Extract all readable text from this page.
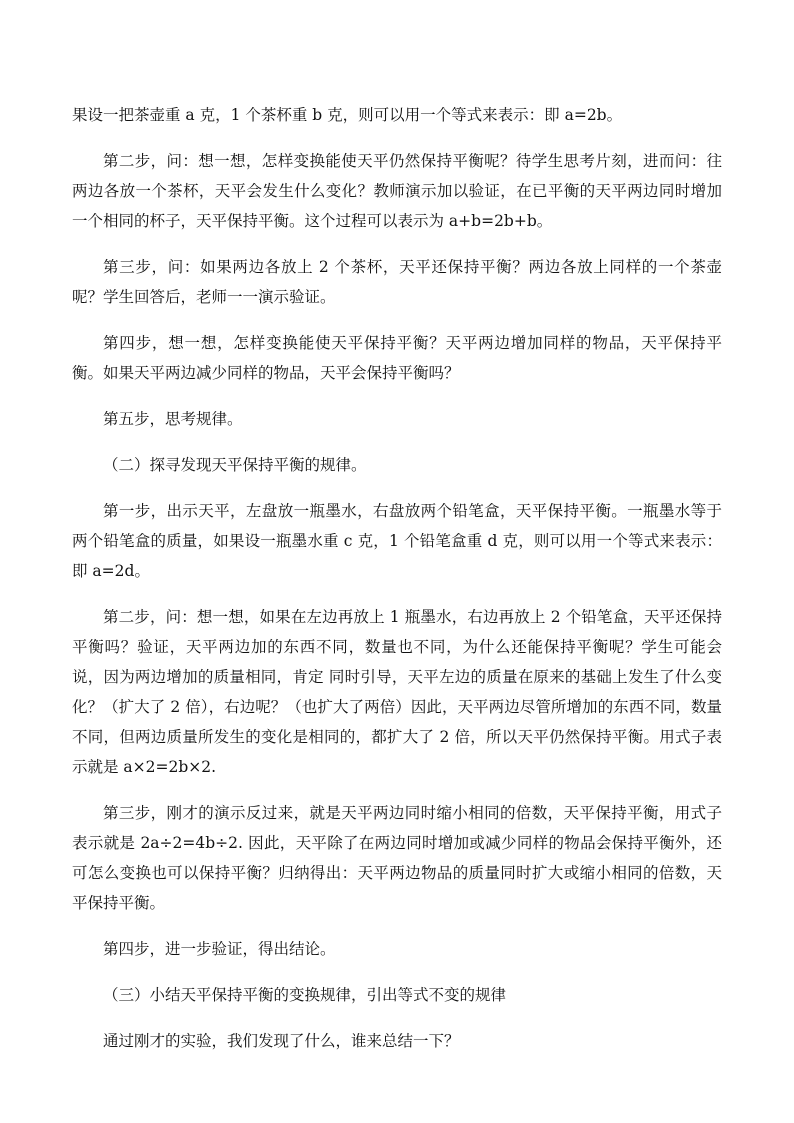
果设一把茶壶重 a 克，1 个茶杯重 b 克，则可以用一个等式来表示：即 a=2b。

第二步，问：想一想，怎样变换能使天平仍然保持平衡呢？待学生思考片刻，进而问：往两边各放一个茶杯，天平会发生什么变化？教师演示加以验证，在已平衡的天平两边同时增加一个相同的杯子，天平保持平衡。这个过程可以表示为 a+b=2b+b。

第三步，问：如果两边各放上 2 个茶杯，天平还保持平衡？两边各放上同样的一个茶壶呢？学生回答后，老师一一演示验证。

第四步，想一想，怎样变换能使天平保持平衡？天平两边增加同样的物品，天平保持平衡。如果天平两边减少同样的物品，天平会保持平衡吗？

第五步，思考规律。

（二）探寻发现天平保持平衡的规律。

第一步，出示天平，左盘放一瓶墨水，右盘放两个铅笔盒，天平保持平衡。一瓶墨水等于两个铅笔盒的质量，如果设一瓶墨水重 c 克，1 个铅笔盒重 d 克，则可以用一个等式来表示：即 a=2d。

第二步，问：想一想，如果在左边再放上 1 瓶墨水，右边再放上 2 个铅笔盒，天平还保持平衡吗？验证，天平两边加的东西不同，数量也不同，为什么还能保持平衡呢？学生可能会说，因为两边增加的质量相同，肯定 同时引导，天平左边的质量在原来的基础上发生了什么变化？（扩大了 2 倍），右边呢？（也扩大了两倍）因此，天平两边尽管所增加的东西不同，数量不同，但两边质量所发生的变化是相同的，都扩大了 2 倍，所以天平仍然保持平衡。用式子表示就是 a×2=2b×2.

第三步，刚才的演示反过来，就是天平两边同时缩小相同的倍数，天平保持平衡，用式子表示就是 2a÷2=4b÷2. 因此，天平除了在两边同时增加或减少同样的物品会保持平衡外，还可怎么变换也可以保持平衡？归纳得出：天平两边物品的质量同时扩大或缩小相同的倍数，天平保持平衡。

第四步，进一步验证，得出结论。

（三）小结天平保持平衡的变换规律，引出等式不变的规律

通过刚才的实验，我们发现了什么，谁来总结一下？
